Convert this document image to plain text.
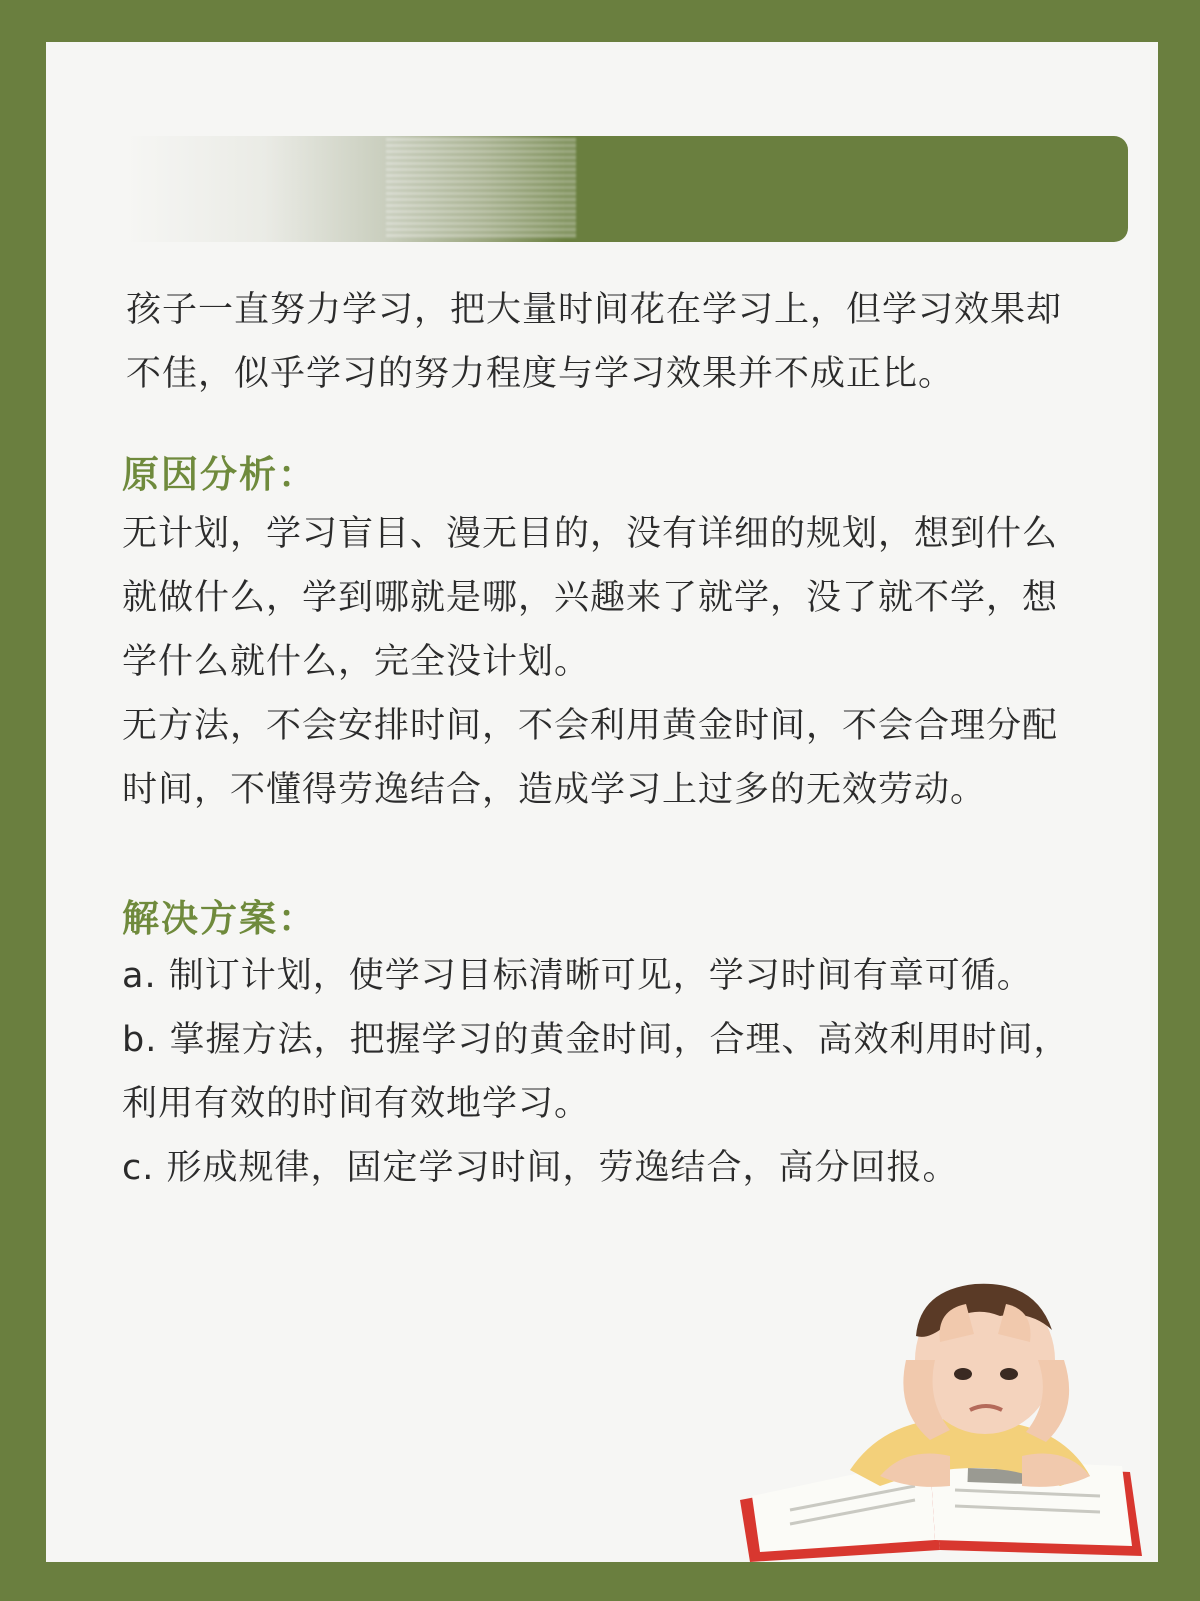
孩子一直努力学习，把大量时间花在学习上，但学习效果却
不佳，似乎学习的努力程度与学习效果并不成正比。
原因分析：
无计划，学习盲目、漫无目的，没有详细的规划，想到什么
就做什么，学到哪就是哪，兴趣来了就学，没了就不学，想
学什么就什么，完全没计划。
无方法，不会安排时间，不会利用黄金时间，不会合理分配
时间，不懂得劳逸结合，造成学习上过多的无效劳动。
解决方案：
a. 制订计划，使学习目标清晰可见，学习时间有章可循。
b. 掌握方法，把握学习的黄金时间，合理、高效利用时间，
利用有效的时间有效地学习。
c. 形成规律，固定学习时间，劳逸结合，高分回报。
